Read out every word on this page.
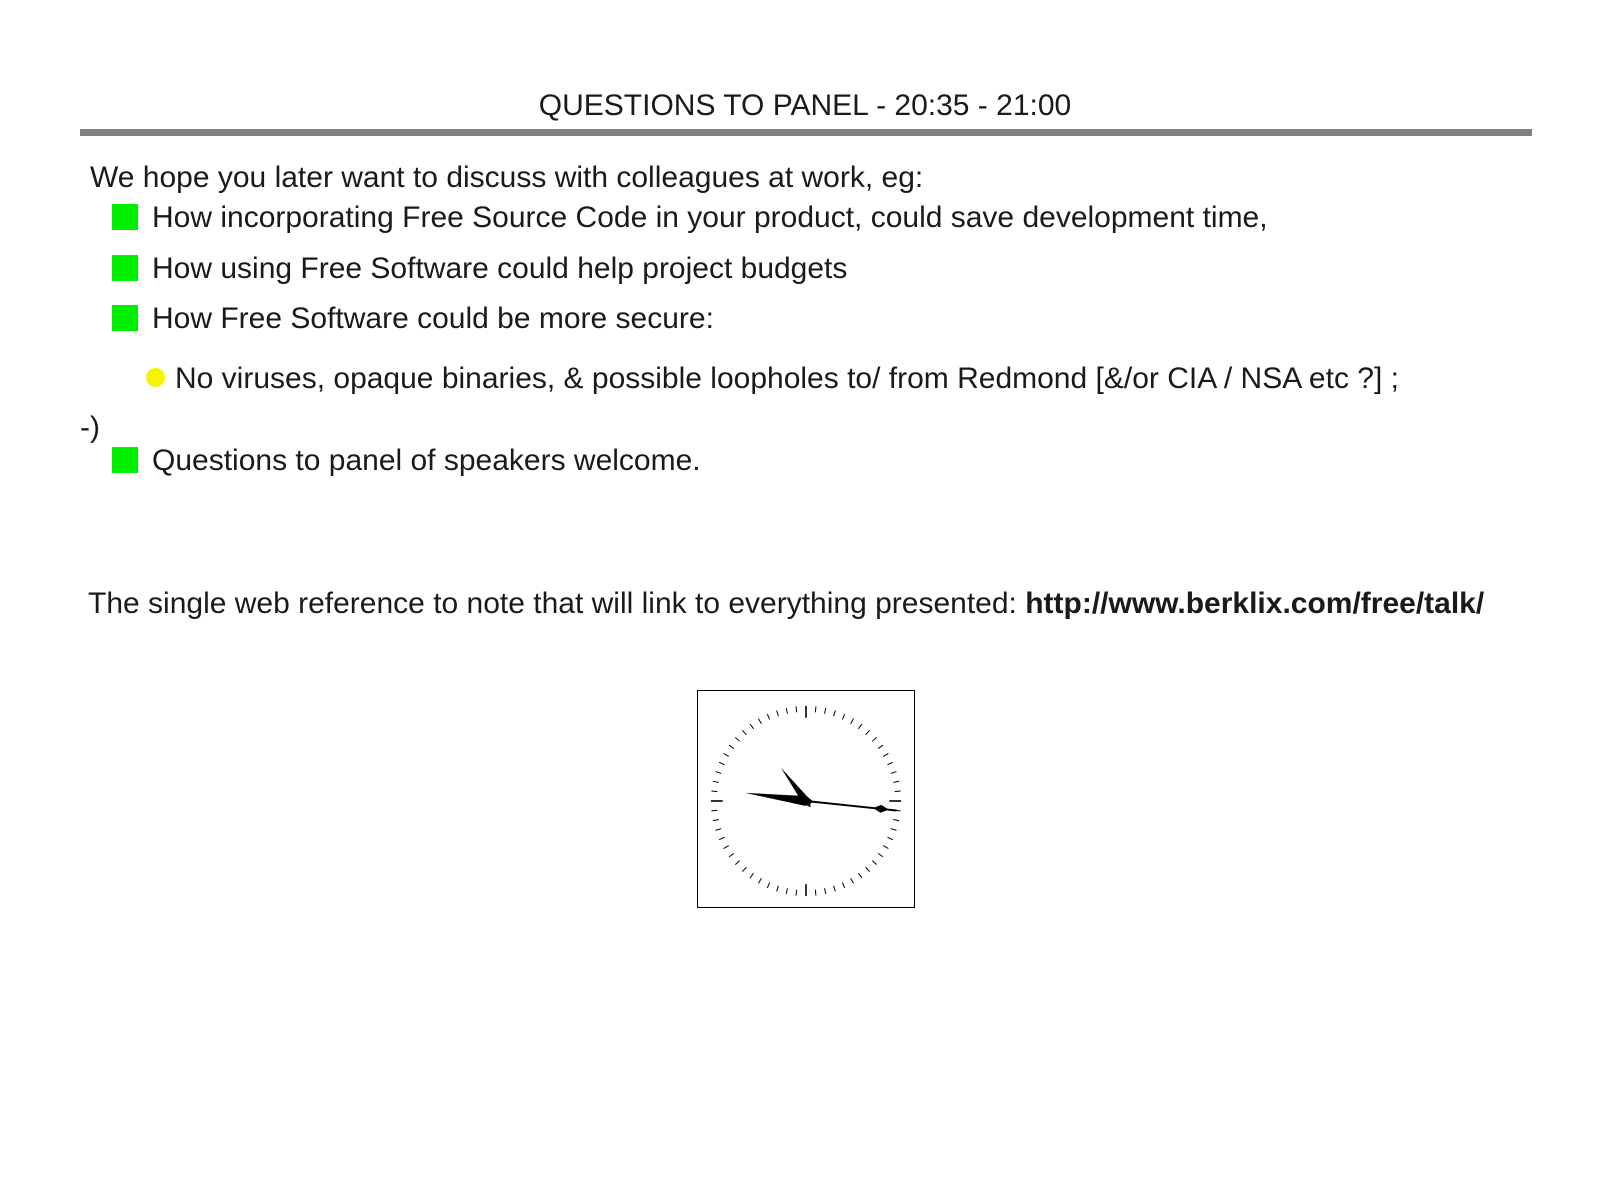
QUESTIONS TO PANEL - 20:35 - 21:00
We hope you later want to discuss with colleagues at work, eg:
How incorporating Free Source Code in your product, could save development time,
How using Free Software could help project budgets
How Free Software could be more secure:
No viruses, opaque binaries, & possible loopholes to/ from Redmond [&/or CIA / NSA etc ?] ;
-)
Questions to panel of speakers welcome.
The single web reference to note that will link to everything presented: http://www.berklix.com/free/talk/
